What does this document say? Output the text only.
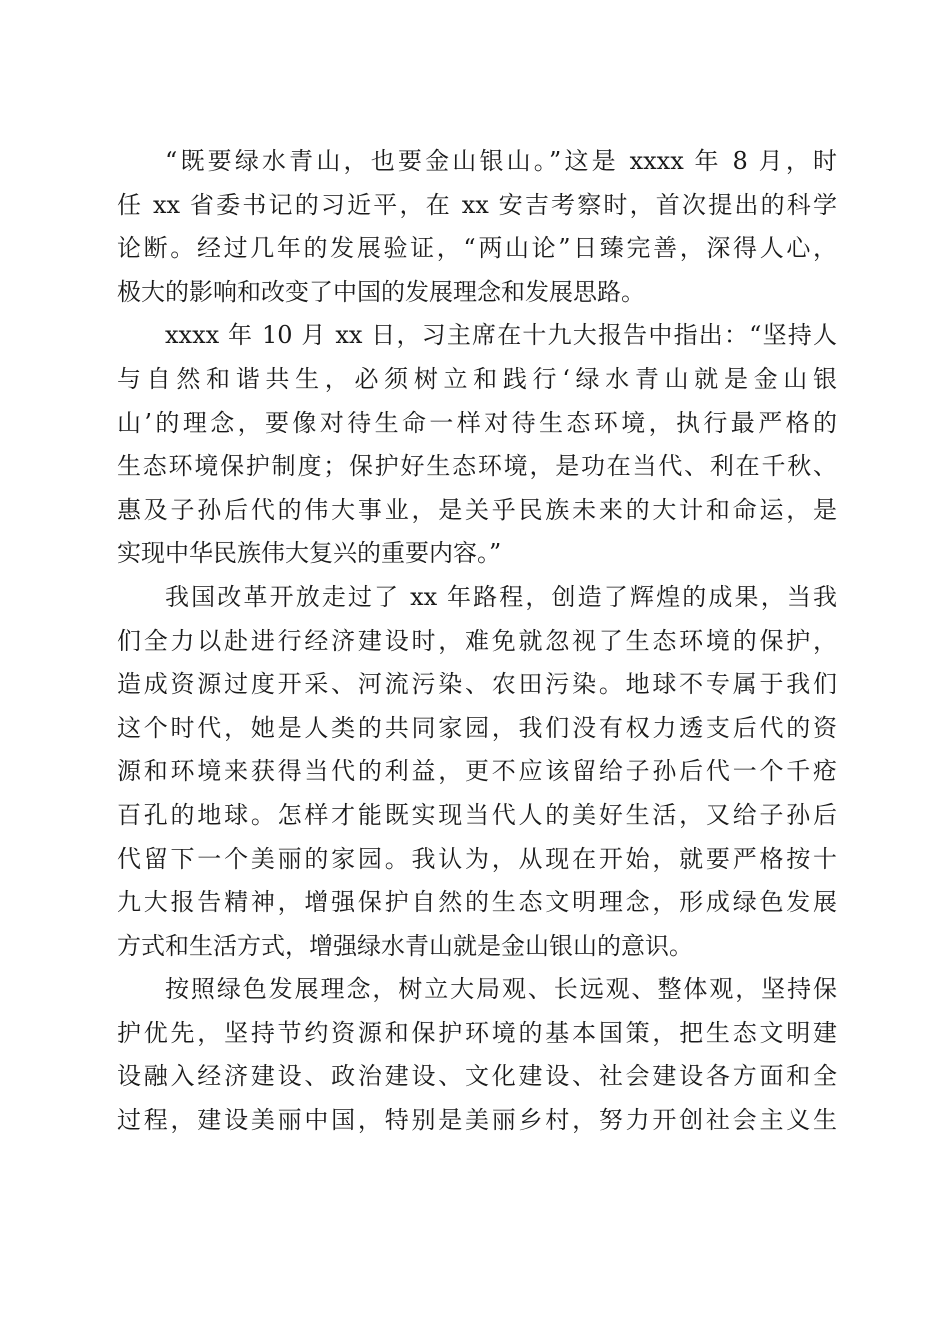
“既要绿水青山，也要金山银山。”这是 xxxx 年 8 月，时
任 xx 省委书记的习近平，在 xx 安吉考察时，首次提出的科学
论断。经过几年的发展验证，“两山论”日臻完善，深得人心，
极大的影响和改变了中国的发展理念和发展思路。
xxxx 年 10 月 xx 日，习主席在十九大报告中指出：“坚持人
与自然和谐共生，必须树立和践行‘绿水青山就是金山银
山’的理念，要像对待生命一样对待生态环境，执行最严格的
生态环境保护制度；保护好生态环境，是功在当代、利在千秋、
惠及子孙后代的伟大事业，是关乎民族未来的大计和命运，是
实现中华民族伟大复兴的重要内容。”
我国改革开放走过了 xx 年路程，创造了辉煌的成果，当我
们全力以赴进行经济建设时，难免就忽视了生态环境的保护，
造成资源过度开采、河流污染、农田污染。地球不专属于我们
这个时代，她是人类的共同家园，我们没有权力透支后代的资
源和环境来获得当代的利益，更不应该留给子孙后代一个千疮
百孔的地球。怎样才能既实现当代人的美好生活，又给子孙后
代留下一个美丽的家园。我认为，从现在开始，就要严格按十
九大报告精神，增强保护自然的生态文明理念，形成绿色发展
方式和生活方式，增强绿水青山就是金山银山的意识。
按照绿色发展理念，树立大局观、长远观、整体观，坚持保
护优先，坚持节约资源和保护环境的基本国策，把生态文明建
设融入经济建设、政治建设、文化建设、社会建设各方面和全
过程，建设美丽中国，特别是美丽乡村，努力开创社会主义生
